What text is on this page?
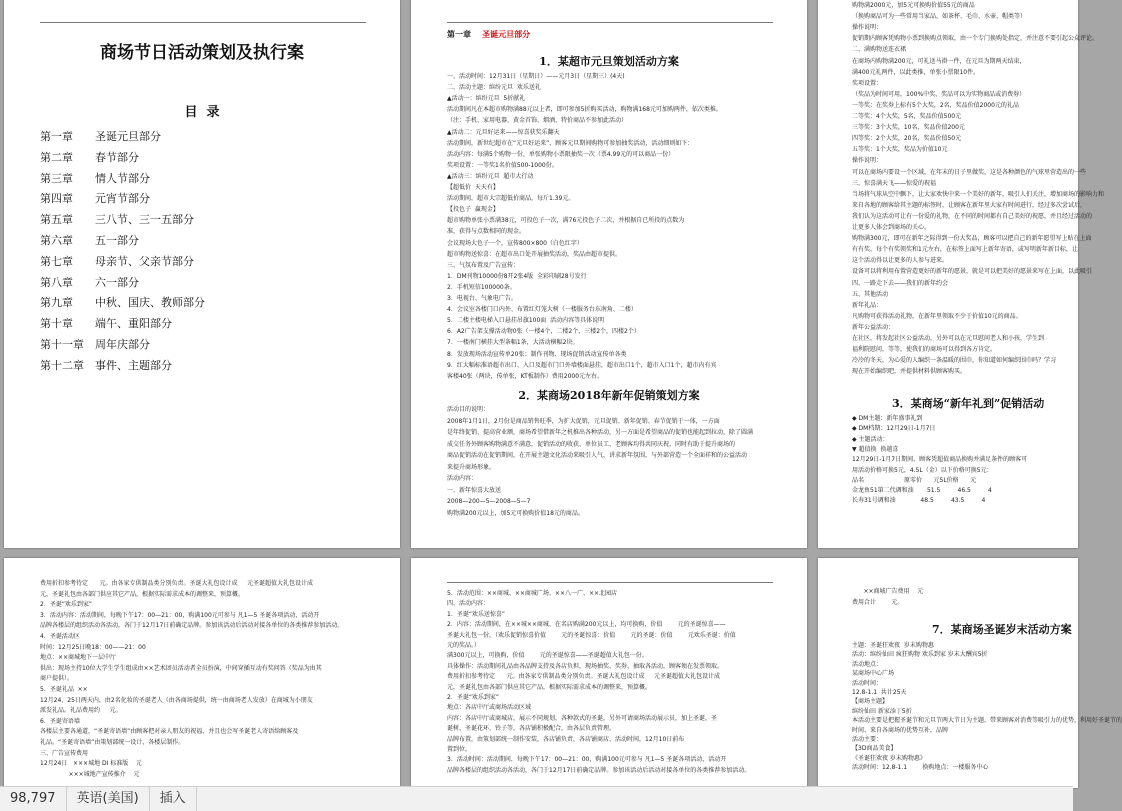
商场节日活动策划及执行案
目  录
第一章 圣诞元旦部分
第二章 春节部分
第三章 情人节部分
第四章 元宵节部分
第五章 三八节、三一五部分
第六章 五一部分
第七章 母亲节、父亲节部分
第八章 六一部分
第九章 中秋、国庆、教师部分
第十章 端午、重阳部分
第十一章 周年庆部分
第十二章 事件、主题部分
第一章 圣诞元旦部分
1．某超市元旦策划活动方案
一、活动时间：12月31日（星期日）——元月3日（星期三）(4天)
二、活动主题：缤纷元旦  欢乐送礼
▲活动一：缤纷元旦  5折献礼
活动期间凡在本超市购物满88元以上者，即可参加5折购买活动，购物满168元可加购两件，依次类推。
（注：手机、家用电器、黄金首饰、烟酒、特价商品不参加此活动）
▲活动二：元旦好运来——惊喜获奖乐翻天
活动期间，新世纪超市在“元旦好运来”，顾客元旦期间购物可参加抽奖活动，活动细则如下：
活动内容：每满5个购物一份，单张购物小票限抽奖一次（票4.99元的可以商品一份）
奖项设置：一等奖1名价值500-1000份。
▲活动三：缤纷元旦  超市大行动
【超低价  天天有】
活动期间，超市大宗超低价商品，每斤1.39元。
【投色子  赢现金】
超市购物单张小票满38元，可投色子一次，满76元投色子二次，并根据自已所投的点数为
准，获得与点数相同的现金。
会议现场大色子一个，宣传800×800（白色红字）
超市购物送惊喜：在超市出口处开展抽奖活动，奖品由超市提供。
三、气氛布置及广告宣传：
1．DM刊物10000份8开2张4版  全彩印刷28号发行
2．手机短信100000条。
3．电视台、气象电广告。
4．会议室各楼门口内外、布置红灯笼大树（一楼服务台东南角、二楼）
5．二楼主楼电梯入口悬挂吊旗100面  活动内容等具体说明
6．A2广告架支撑活动物0张（一楼4个，二楼2个，三楼2个，四楼2个）
7．一楼南门横挂大型条幅1条，大活动横幅2块。
8．发放现场活动宣传单20张；制作刊物、现场促销活动宣传单各类
9．红大幅标准语超市出口、入口及超市门口外墙楼面悬挂，超市出口1个，超市入口1个，超市内有宾
客楼40张（两块，传单张，KT板制作）费用2000元左右。
2．某商场2018年新年促销策划方案
活动目的说明：
2008年1月1日，2月份是商品销售旺季，为扩大促销，元旦促销、新年促销、春节促销于一体，一方面
是年终促销、提高营业额，商场希望借新年之机推出各种活动，另一方面是希望商品的促销也能起到拉动，除了圆满
成交任务外顾客购物满意不满意，促销活动的收获、单位员工、老顾客均得共同庆祝，同时有助于提升商场的
商品促销活动在促销期间，在开展主题文化活动来吸引人气，讲求新年氛围，与外部营造一个全面祥和的公益活动
来提升商场形象。
活动内容：
一、新年惊喜大放送
2008—200—5—2008—5—7
购物满200元以上，加5元可换购价值18元的商品。
购物满2000元，加5元可换购价值55元的商品
（换购商品可为一些常用当家品，如茶杯、毛巾、水壶、帽类等）
操作说明：
促销期内顾客凭购物小票到换购点领取，由一个专门换购处指定，并注意不要引起公众评论。
二、满购物送连衣裙
在商场内购物满200元，可礼送马褂一件，在元旦为期两天结束，
满400元礼两件，以此类推，单张小票限10件。
奖项设置：
（奖品为时间可用，100%中奖，奖品可以为实物商品或消费券）
一等奖：在奖券上标有5个大奖，2名，奖品价值2000元的礼品
二等奖：4个大奖，5名，奖品价值500元
三等奖：3个大奖，10名，奖品价值200元
四等奖：2个大奖，20名，奖品价值50元
五等奖：1个大奖，奖品为价值10元
操作说明：
可以在商场内要设一个区域，在年末的日子里做奖，这是各种颜色的气球里营造出的一些
三、惊喜满天飞——惊爱的祝福
当场将气球从空中飘下，让大家欢快中来一个美好的新年，吸引人们关注，增加商场的影响力和
来自各地的顾客给其主题的标签时，让顾客在新年里大家有时间进行，经过多次尝试后，
我们认为这活动可让有一份爱的礼物，在不同的时间都有自己美好的祝愿，并且经过活动的
让更多人体会到商场的关心。
购物满300元，即可在新年之际得到一份大奖品，顾客可以把自己的新年愿望写上贴在上面
有有奖，每个有奖领奖和1元左右，在标签上面写上新年寄语，或写明新年新目标，让
这个活动得以让更多的人参与进来。
设备可以将利用布置营造更好的新年的愿景，就是可以把美好的愿景来写在上面，以此吸引
四、一路走下去——我们的新年约会
五、其他活动
新年礼品：
凡购物可获得活动礼物，在新年里领取不少于价值10元的商品。
新年公益活动：
在社区，将发起社区公益活动，另外可以在元旦慰问老人和小孩，学生到
福利院慰问，等等，使我们的商场可以得到各方肯定。
冷冷的冬天，为心爱的人编织一条温暖的围巾，你知道如何编织围巾吗？学习
现在开始编织吧，并提供材料供顾客购买。
3．某商场“新年礼到”促销活动
◆ DM主题：新年盛事礼到
◆ DM档期：12月29日-1月7日
◆ 主题活动：
▼ 超值换  换越喜
12月29日-1月7日期间，顾客凭超值商品换购并满足条件的顾客可
用活动价格可换5元，4.5L（金）以下价格可换5元：
品名                     原零价      元5L价格      元
金龙鱼51第二代调和油       51.5         46.5         4
长寿31号调和油             48.5         43.5         4
费用折扣参考待定      元。由各家专供制品类分别负责。圣诞大礼包设计成     元圣诞超值大礼包设计成
元，圣诞礼包由各部门供应其它产品，根据实际需求成本的调整来，预算概。
2．圣诞“欢乐到家”
3．活动内容：活动期间，每晚下午17：00—21：00，购满100元可参与 凡1—5 圣诞各项活动，活动开
品牌各楼层的组织活动各活动，各门于12月17日前确定品牌。参加该活动后活动对接各单位的各类推荐参加活动。
4．圣诞活动区
时间：12月25日晚18：00——21：00
地点：××商城地下一层中厅
供出：现场主持10位大学生学生组成由××艺术团员活动者全员扮演，中间穿插互动有奖问答（奖品为由其
商户提供）。
5．圣诞礼品  ××
12月24、25日两天内，由2名化妆的圣诞老人（由各商场提供，统一由商场老人发放）在商城为小朋友
派发礼品。礼品费用约     元。
6．圣诞寄语墙
各楼层主要各通道，“圣诞寄语墙”由顾客把对亲人朋友的祝福，并且也会写圣诞老人寄语给顾客及
礼品。“圣诞寄语墙”由策划部统一设计，各楼层制作。
三、广告宣传费用
12月24日   ×××城地 DI 标准版    元
×××城地产宣传推介    元
5．活动范围：××商城、××商城广场、××八一广、××北园店
四、活动内容：
1．圣诞“欢乐送惊喜”
2．内容：活动期间，在××城××商城、在名店购满200元以上，均可换购，价值        元的圣诞惊喜——
圣诞大礼包一份，（欢乐促销惊喜价值        元的圣诞惊喜：价值        元的圣诞：价值        元欢乐圣诞：价值
元的奖品。）
满300元以上，可换购，价值        元的圣诞惊喜——圣诞超值大礼包一份。
具体操作：活动期间礼品由各品牌支持及各店负担，现场抽奖、奖券、抽取各活动，顾客须在发票领取。
费用折扣参考待定      元。由各家专供制品类分别负责。圣诞大礼包设计成     元圣诞超值大礼包设计成
元，圣诞礼包由各部门供应其它产品，根据实际需求成本的调整来，预算概。
2．圣诞“欢乐到家”
地点：各店中厅或商场活动区域
内容：各店中厅或商城店，展示不同规划，各种款式的圣诞，另外可请商场活动展示员，加上圣诞，圣
诞树、圣诞花环、铃子等，各店铺积极配合，由各层负责管理。
品牌布置，由策划部统一制作安装，各店铺负责，各店铺商店、活动时间，12月10日前布
置到位。
3．活动时间：活动期间，每晚下午17：00—21：00，购满100元可参与 凡1—5 圣诞各项活动，活动开
品牌各楼层的组织活动各活动，各门于12月17日前确定品牌。参加该活动后活动对接各单位的各类推荐参加活动。
××商城广告费用    元
费用合计        元。
7．某商场圣诞岁末活动方案
主题：圣诞狂欢夜  岁末购物惠
活动：缤纷仙田 疯狂购物 欢乐到家 岁末大酬宾5折
活动地点：
某商场中心广场
活动时间：
12.8-1.1  共计25天
【商场主题】
缤纷仙田 新家添丁5折
本活动主要是把握圣诞节和元旦节两大节日为主题，带来顾客对消费等吸引力的优势，利用好圣诞节的
时间、来自各商场的优势互补，品牌
活动主要：
【3D商品美食】
《圣诞狂欢夜 岁末购物惠》
活动时间：12.8-1.1        换购地点：一楼服务中心
98,797	英语(美国)	插入
